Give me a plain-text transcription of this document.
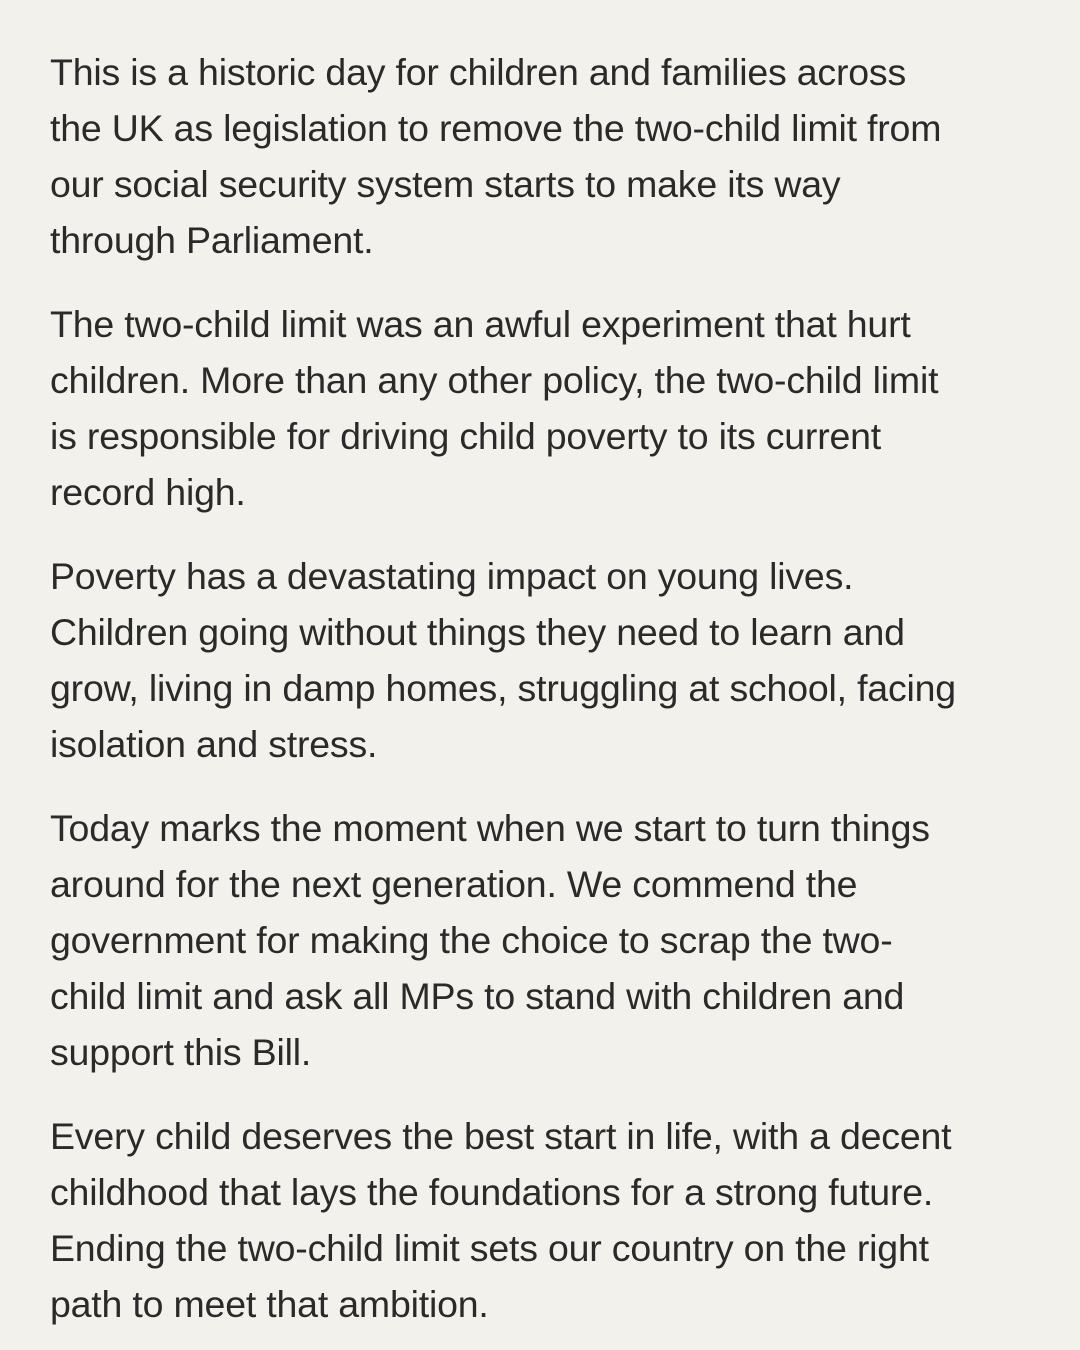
This is a historic day for children and families across
the UK as legislation to remove the two-child limit from
our social security system starts to make its way
through Parliament.

The two-child limit was an awful experiment that hurt
children. More than any other policy, the two-child limit
is responsible for driving child poverty to its current
record high.

Poverty has a devastating impact on young lives.
Children going without things they need to learn and
grow, living in damp homes, struggling at school, facing
isolation and stress.

Today marks the moment when we start to turn things
around for the next generation. We commend the
government for making the choice to scrap the two-
child limit and ask all MPs to stand with children and
support this Bill.

Every child deserves the best start in life, with a decent
childhood that lays the foundations for a strong future.
Ending the two-child limit sets our country on the right
path to meet that ambition.
